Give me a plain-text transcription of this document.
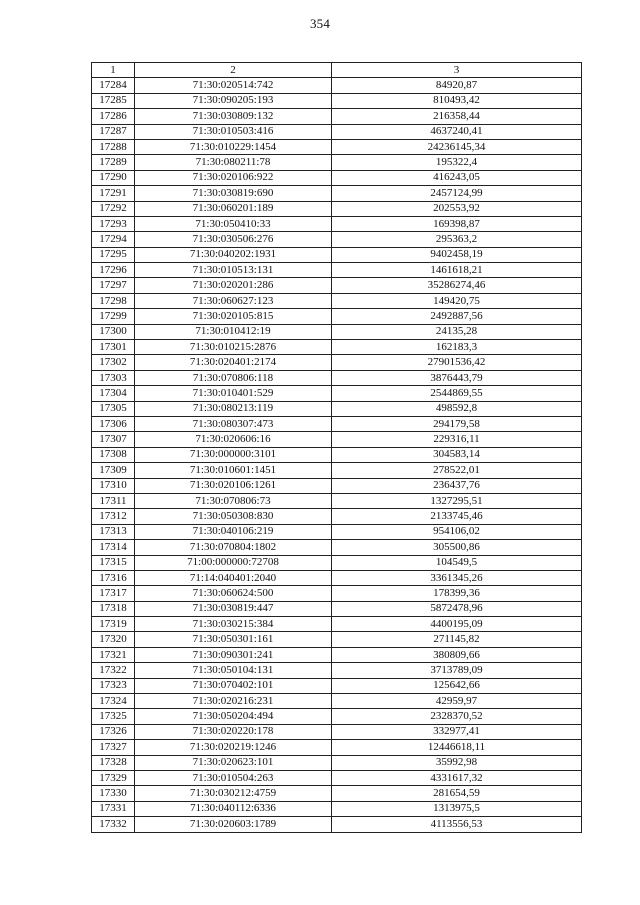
354
1	2	3
17284	71:30:020514:742	84920,87
17285	71:30:090205:193	810493,42
17286	71:30:030809:132	216358,44
17287	71:30:010503:416	4637240,41
17288	71:30:010229:1454	24236145,34
17289	71:30:080211:78	195322,4
17290	71:30:020106:922	416243,05
17291	71:30:030819:690	2457124,99
17292	71:30:060201:189	202553,92
17293	71:30:050410:33	169398,87
17294	71:30:030506:276	295363,2
17295	71:30:040202:1931	9402458,19
17296	71:30:010513:131	1461618,21
17297	71:30:020201:286	35286274,46
17298	71:30:060627:123	149420,75
17299	71:30:020105:815	2492887,56
17300	71:30:010412:19	24135,28
17301	71:30:010215:2876	162183,3
17302	71:30:020401:2174	27901536,42
17303	71:30:070806:118	3876443,79
17304	71:30:010401:529	2544869,55
17305	71:30:080213:119	498592,8
17306	71:30:080307:473	294179,58
17307	71:30:020606:16	229316,11
17308	71:30:000000:3101	304583,14
17309	71:30:010601:1451	278522,01
17310	71:30:020106:1261	236437,76
17311	71:30:070806:73	1327295,51
17312	71:30:050308:830	2133745,46
17313	71:30:040106:219	954106,02
17314	71:30:070804:1802	305500,86
17315	71:00:000000:72708	104549,5
17316	71:14:040401:2040	3361345,26
17317	71:30:060624:500	178399,36
17318	71:30:030819:447	5872478,96
17319	71:30:030215:384	4400195,09
17320	71:30:050301:161	271145,82
17321	71:30:090301:241	380809,66
17322	71:30:050104:131	3713789,09
17323	71:30:070402:101	125642,66
17324	71:30:020216:231	42959,97
17325	71:30:050204:494	2328370,52
17326	71:30:020220:178	332977,41
17327	71:30:020219:1246	12446618,11
17328	71:30:020623:101	35992,98
17329	71:30:010504:263	4331617,32
17330	71:30:030212:4759	281654,59
17331	71:30:040112:6336	1313975,5
17332	71:30:020603:1789	4113556,53
